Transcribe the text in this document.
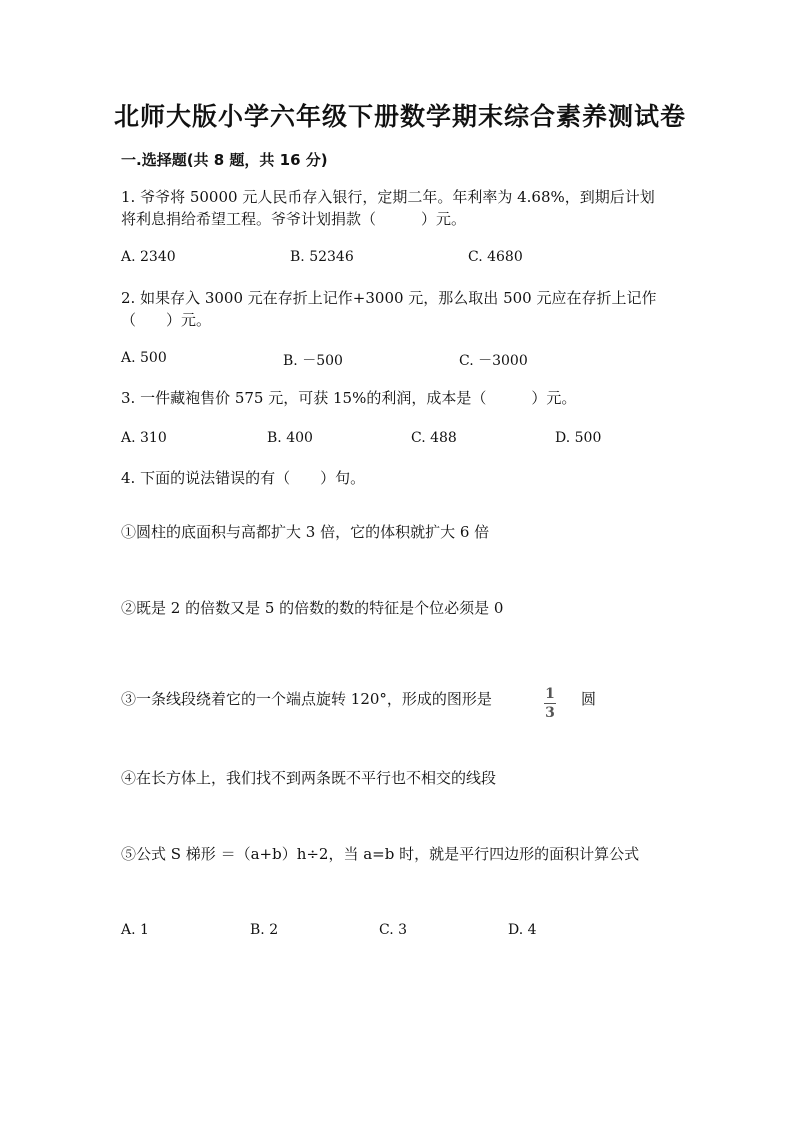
北师大版小学六年级下册数学期末综合素养测试卷
一.选择题(共 8 题，共 16 分)
1. 爷爷将 50000 元人民币存入银行，定期二年。年利率为 4.68%，到期后计划
将利息捐给希望工程。爷爷计划捐款（　　　）元。
A. 2340	B. 52346	C. 4680
2. 如果存入 3000 元在存折上记作+3000 元，那么取出 500 元应在存折上记作
（　　）元。
A. 500	B. －500	C. －3000
3. 一件藏袍售价 575 元，可获 15%的利润，成本是（　　　）元。
A. 310	B. 400	C. 488	D. 500
4. 下面的说法错误的有（　　）句。
①圆柱的底面积与高都扩大 3 倍，它的体积就扩大 6 倍
②既是 2 的倍数又是 5 的倍数的数的特征是个位必须是 0
③一条线段绕着它的一个端点旋转 120°，形成的图形是	$\frac{1}{3}$ 圆
④在长方体上，我们找不到两条既不平行也不相交的线段
⑤公式 S 梯形 ＝（a+b）h÷2，当 a=b 时，就是平行四边形的面积计算公式
A. 1	B. 2	C. 3	D. 4
